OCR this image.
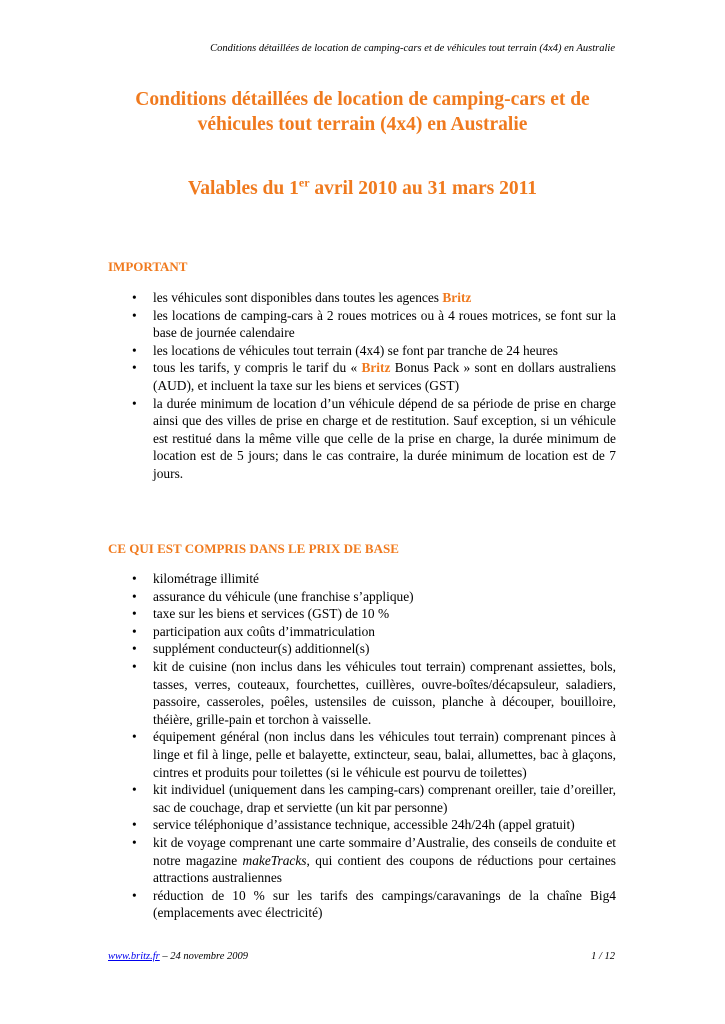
Conditions détaillées de location de camping-cars et de véhicules tout terrain (4x4) en Australie
Conditions détaillées de location de camping-cars et de
véhicules tout terrain (4x4) en Australie
Valables du 1er avril 2010 au 31 mars 2011
IMPORTANT
• les véhicules sont disponibles dans toutes les agences Britz
• les locations de camping-cars à 2 roues motrices ou à 4 roues motrices, se font sur la base de journée calendaire
• les locations de véhicules tout terrain (4x4) se font par tranche de 24 heures
• tous les tarifs, y compris le tarif du « Britz Bonus Pack » sont en dollars australiens (AUD), et incluent la taxe sur les biens et services (GST)
• la durée minimum de location d’un véhicule dépend de sa période de prise en charge ainsi que des villes de prise en charge et de restitution. Sauf exception, si un véhicule est restitué dans la même ville que celle de la prise en charge, la durée minimum de location est de 5 jours; dans le cas contraire, la durée minimum de location est de 7 jours.
CE QUI EST COMPRIS DANS LE PRIX DE BASE
• kilométrage illimité
• assurance du véhicule (une franchise s’applique)
• taxe sur les biens et services (GST) de 10 %
• participation aux coûts d’immatriculation
• supplément conducteur(s) additionnel(s)
• kit de cuisine (non inclus dans les véhicules tout terrain) comprenant assiettes, bols, tasses, verres, couteaux, fourchettes, cuillères, ouvre-boîtes/décapsuleur, saladiers, passoire, casseroles, poêles, ustensiles de cuisson, planche à découper, bouilloire, théière, grille-pain et torchon à vaisselle.
• équipement général (non inclus dans les véhicules tout terrain) comprenant pinces à linge et fil à linge, pelle et balayette, extincteur, seau, balai, allumettes, bac à glaçons, cintres et produits pour toilettes (si le véhicule est pourvu de toilettes)
• kit individuel (uniquement dans les camping-cars) comprenant oreiller, taie d’oreiller, sac de couchage, drap et serviette (un kit par personne)
• service téléphonique d’assistance technique, accessible 24h/24h (appel gratuit)
• kit de voyage comprenant une carte sommaire d’Australie, des conseils de conduite et notre magazine makeTracks, qui contient des coupons de réductions pour certaines attractions australiennes
• réduction de 10 % sur les tarifs des campings/caravanings de la chaîne Big4 (emplacements avec électricité)
www.britz.fr – 24 novembre 2009	1 / 12
